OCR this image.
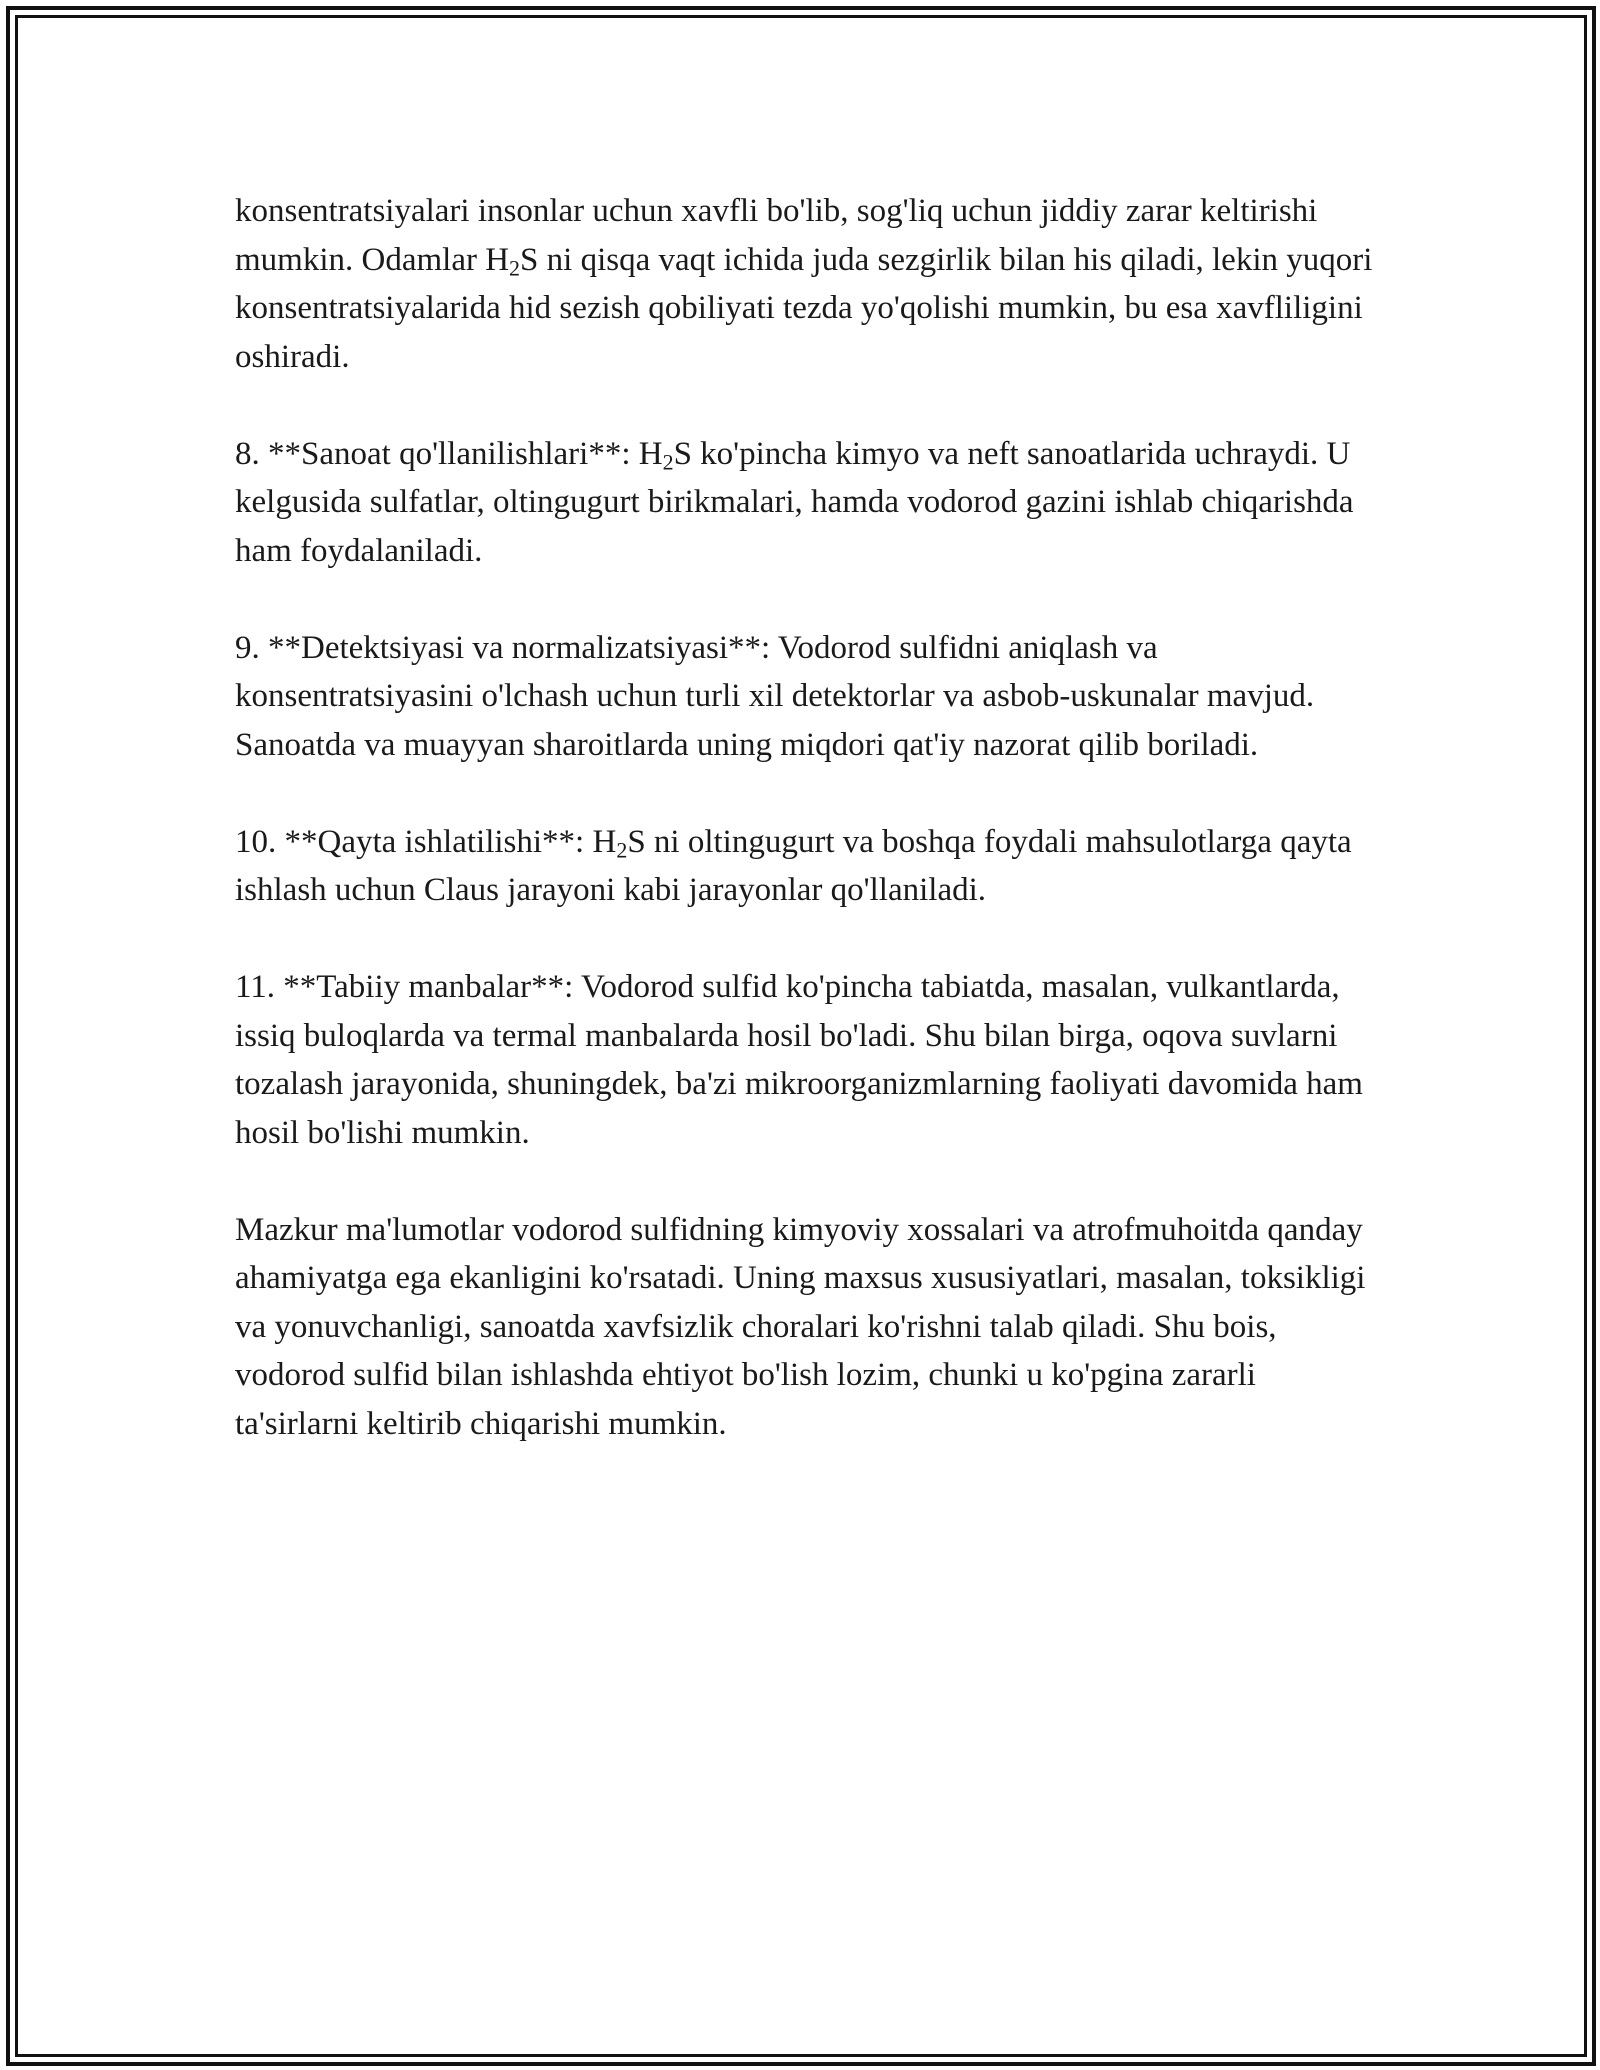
konsentratsiyalari insonlar uchun xavfli bo'lib, sog'liq uchun jiddiy zarar keltirishi mumkin. Odamlar $H_2S$ ni qisqa vaqt ichida juda sezgirlik bilan his qiladi, lekin yuqori konsentratsiyalarida hid sezish qobiliyati tezda yo'qolishi mumkin, bu esa xavfliligini oshiradi.

8. **Sanoat qo'llanilishlari**: $H_2S$ ko'pincha kimyo va neft sanoatlarida uchraydi. U kelgusida sulfatlar, oltingugurt birikmalari, hamda vodorod gazini ishlab chiqarishda ham foydalaniladi.

9. **Detektsiyasi va normalizatsiyasi**: Vodorod sulfidni aniqlash va konsentratsiyasini o'lchash uchun turli xil detektorlar va asbob-uskunalar mavjud. Sanoatda va muayyan sharoitlarda uning miqdori qat'iy nazorat qilib boriladi.

10. **Qayta ishlatilishi**: $H_2S$ ni oltingugurt va boshqa foydali mahsulotlarga qayta ishlash uchun Claus jarayoni kabi jarayonlar qo'llaniladi.

11. **Tabiiy manbalar**: Vodorod sulfid ko'pincha tabiatda, masalan, vulkantlarda, issiq buloqlarda va termal manbalarda hosil bo'ladi. Shu bilan birga, oqova suvlarni tozalash jarayonida, shuningdek, ba'zi mikroorganizmlarning faoliyati davomida ham hosil bo'lishi mumkin.

Mazkur ma'lumotlar vodorod sulfidning kimyoviy xossalari va atrofmuhoitda qanday ahamiyatga ega ekanligini ko'rsatadi. Uning maxsus xususiyatlari, masalan, toksikligi va yonuvchanligi, sanoatda xavfsizlik choralari ko'rishni talab qiladi. Shu bois, vodorod sulfid bilan ishlashda ehtiyot bo'lish lozim, chunki u ko'pgina zararli ta'sirlarni keltirib chiqarishi mumkin.
